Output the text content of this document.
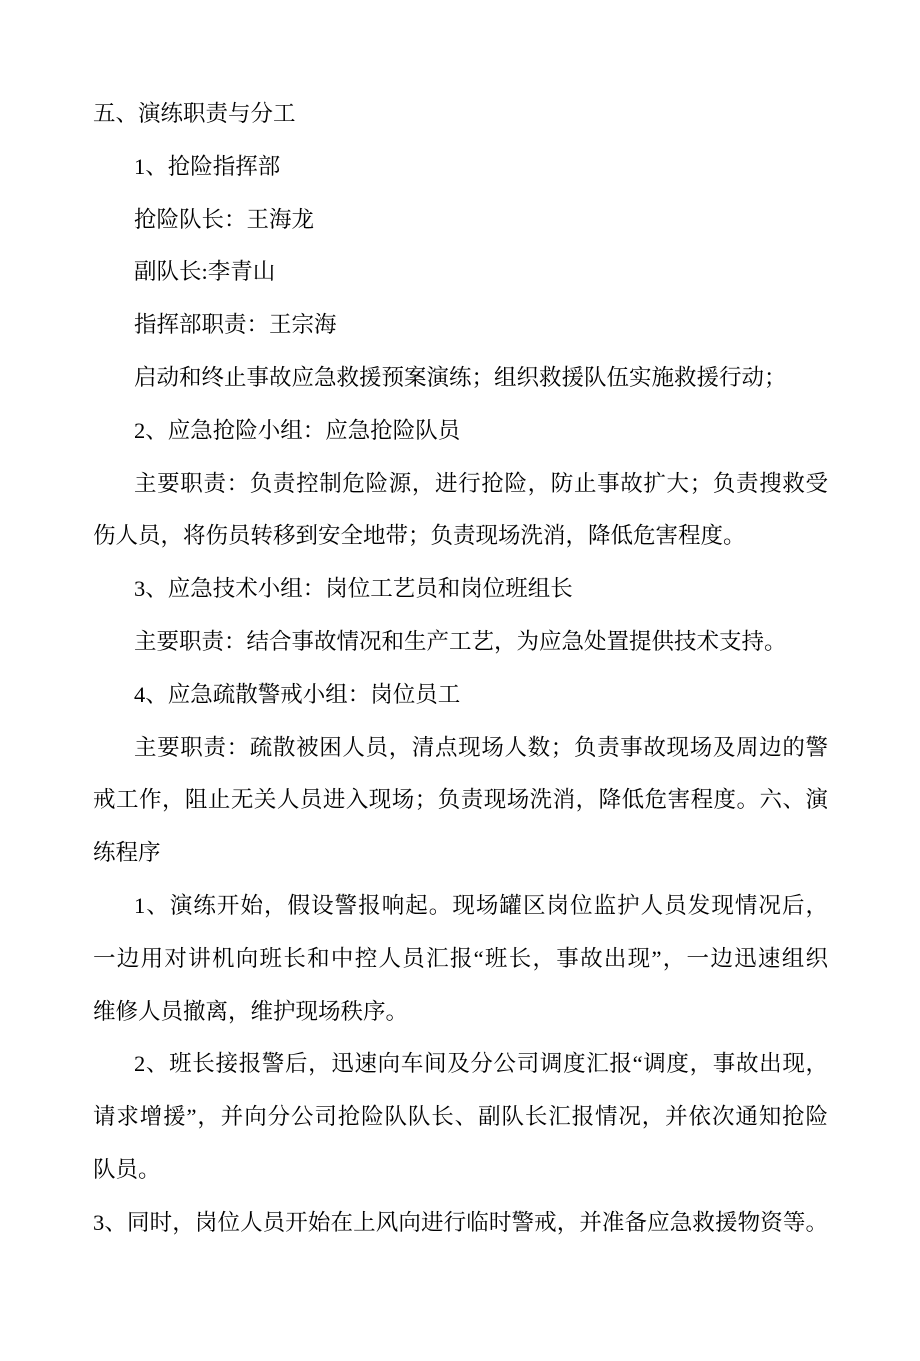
五、演练职责与分工
1、抢险指挥部
抢险队长：王海龙
副队长:李青山
指挥部职责：王宗海
启动和终止事故应急救援预案演练；组织救援队伍实施救援行动；
2、应急抢险小组：应急抢险队员
主要职责：负责控制危险源，进行抢险，防止事故扩大；负责搜救受
伤人员，将伤员转移到安全地带；负责现场洗消，降低危害程度。
3、应急技术小组：岗位工艺员和岗位班组长
主要职责：结合事故情况和生产工艺，为应急处置提供技术支持。
4、应急疏散警戒小组：岗位员工
主要职责：疏散被困人员，清点现场人数；负责事故现场及周边的警
戒工作，阻止无关人员进入现场；负责现场洗消，降低危害程度。六、演
练程序
1、演练开始，假设警报响起。现场罐区岗位监护人员发现情况后，
一边用对讲机向班长和中控人员汇报“班长，事故出现”，一边迅速组织
维修人员撤离，维护现场秩序。
2、班长接报警后，迅速向车间及分公司调度汇报“调度，事故出现，
请求增援”，并向分公司抢险队队长、副队长汇报情况，并依次通知抢险
队员。
3、同时，岗位人员开始在上风向进行临时警戒，并准备应急救援物资等。
